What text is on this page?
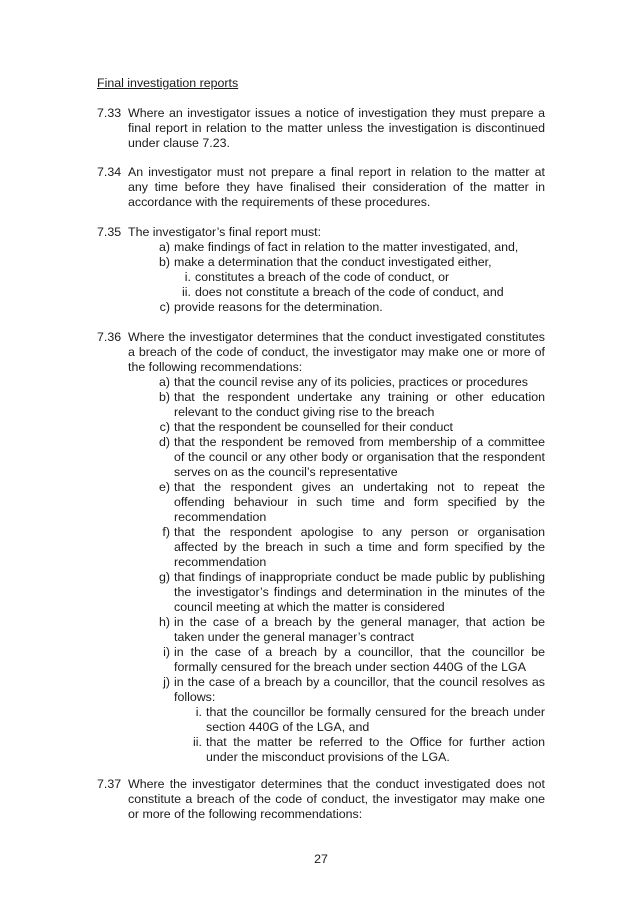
Final investigation reports
7.33 Where an investigator issues a notice of investigation they must prepare a final report in relation to the matter unless the investigation is discontinued under clause 7.23.

7.34 An investigator must not prepare a final report in relation to the matter at any time before they have finalised their consideration of the matter in accordance with the requirements of these procedures.

7.35 The investigator’s final report must:

a) make findings of fact in relation to the matter investigated, and,
b) make a determination that the conduct investigated either,
i. constitutes a breach of the code of conduct, or
ii. does not constitute a breach of the code of conduct, and
c) provide reasons for the determination.
7.36 Where the investigator determines that the conduct investigated constitutes a breach of the code of conduct, the investigator may make one or more of the following recommendations:

a) that the council revise any of its policies, practices or procedures
b) that the respondent undertake any training or other education relevant to the conduct giving rise to the breach
c) that the respondent be counselled for their conduct
d) that the respondent be removed from membership of a committee of the council or any other body or organisation that the respondent serves on as the council’s representative
e) that the respondent gives an undertaking not to repeat the offending behaviour in such time and form specified by the recommendation
f) that the respondent apologise to any person or organisation affected by the breach in such a time and form specified by the recommendation
g) that findings of inappropriate conduct be made public by publishing the investigator’s findings and determination in the minutes of the council meeting at which the matter is considered
h) in the case of a breach by the general manager, that action be taken under the general manager’s contract
i) in the case of a breach by a councillor, that the councillor be formally censured for the breach under section 440G of the LGA
j) in the case of a breach by a councillor, that the council resolves as follows:
i. that the councillor be formally censured for the breach under section 440G of the LGA, and
ii. that the matter be referred to the Office for further action under the misconduct provisions of the LGA.
7.37 Where the investigator determines that the conduct investigated does not constitute a breach of the code of conduct, the investigator may make one or more of the following recommendations:

27
